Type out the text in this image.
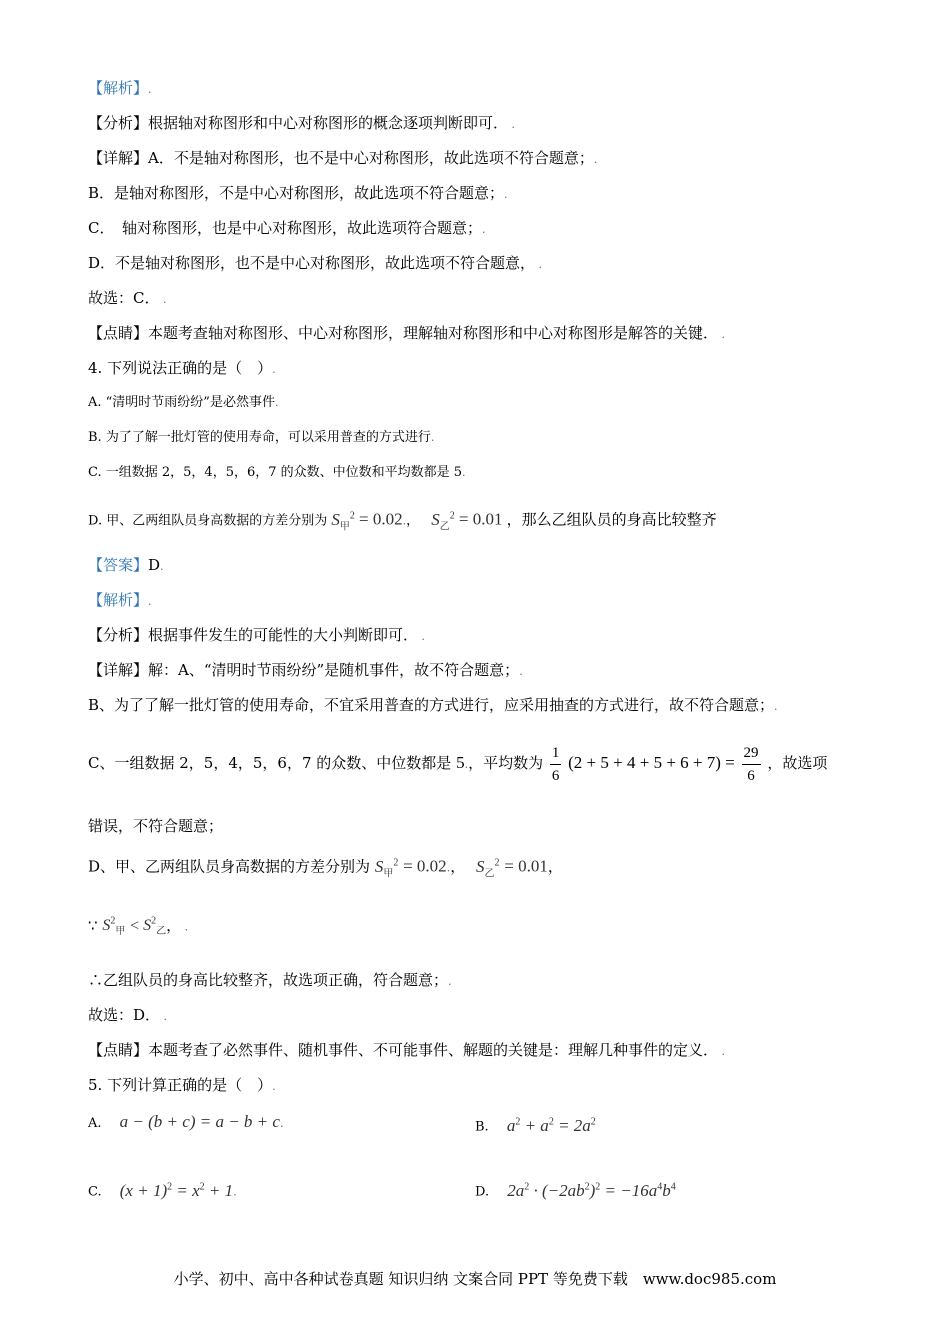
【解析】.
【分析】根据轴对称图形和中心对称图形的概念逐项判断即可． .
【详解】A．不是轴对称图形，也不是中心对称图形，故此选项不符合题意；.
B．是轴对称图形，不是中心对称图形，故此选项不符合题意；.
C．　轴对称图形，也是中心对称图形，故此选项符合题意；.
D．不是轴对称图形，也不是中心对称图形，故此选项不符合题意， .
故选：C． .
【点睛】本题考查轴对称图形、中心对称图形，理解轴对称图形和中心对称图形是解答的关键． .
4. 下列说法正确的是（　）.
A. “清明时节雨纷纷”是必然事件.
B. 为了了解一批灯管的使用寿命，可以采用普查的方式进行.
C. 一组数据 2，5，4，5，6，7 的众数、中位数和平均数都是 5.
D. 甲、乙两组队员身高数据的方差分别为 $S_甲^2 = 0.02$.， $S_乙^2 = 0.01$ ，那么乙组队员的身高比较整齐
【答案】D.
【解析】.
【分析】根据事件发生的可能性的大小判断即可． .
【详解】解：A、“清明时节雨纷纷”是随机事件，故不符合题意；.
B、为了了解一批灯管的使用寿命，不宜采用普查的方式进行，应采用抽查的方式进行，故不符合题意；.
C、一组数据 2，5，4，5，6，7 的众数、中位数都是 5.，平均数为 $\frac{1}{6} (2 + 5 + 4 + 5 + 6 + 7) = \frac{29}{6}$ ，故选项
错误，不符合题意；
D、甲、乙两组队员身高数据的方差分别为 $S_甲^2 = 0.02$.， $S_乙^2 = 0.01$，
∵ $S^2_甲 < S^2_乙$， .
∴乙组队员的身高比较整齐，故选项正确，符合题意；.
故选：D． .
【点睛】本题考查了必然事件、随机事件、不可能事件、解题的关键是：理解几种事件的定义． .
5. 下列计算正确的是（　）.
A. a − (b + c) = a − b + c.	B. $a^2 + a^2 = 2a^2$
C. $(x + 1)^2 = x^2 + 1$.	D. $2a^2 \cdot (-2ab^2)^2 = -16a^4b^4$
小学、初中、高中各种试卷真题 知识归纳 文案合同 PPT 等免费下载　www.doc985.com
